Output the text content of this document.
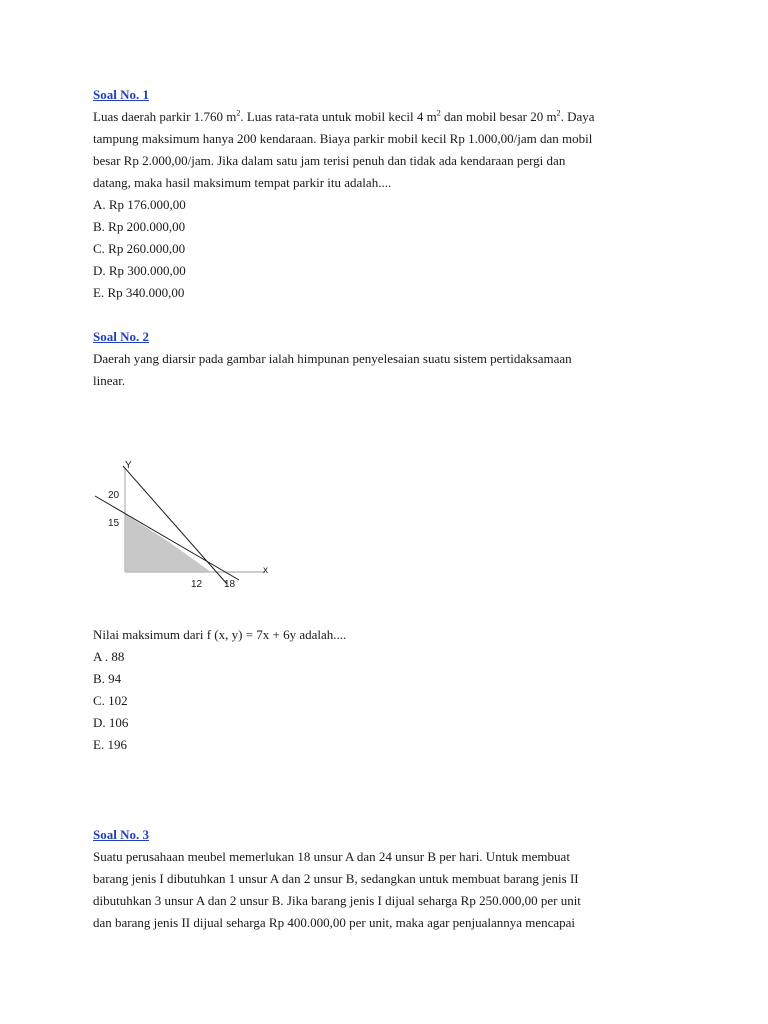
Soal No. 1

Luas daerah parkir 1.760 $m^2$. Luas rata-rata untuk mobil kecil 4 $m^2$ dan mobil besar 20 $m^2$. Daya

tampung maksimum hanya 200 kendaraan. Biaya parkir mobil kecil Rp 1.000,00/jam dan mobil

besar Rp 2.000,00/jam. Jika dalam satu jam terisi penuh dan tidak ada kendaraan pergi dan

datang, maka hasil maksimum tempat parkir itu adalah....

A. Rp 176.000,00

B. Rp 200.000,00

C. Rp 260.000,00

D. Rp 300.000,00

E. Rp 340.000,00

Soal No. 2

Daerah yang diarsir pada gambar ialah himpunan penyelesaian suatu sistem pertidaksamaan

linear.

Y
x
20
15
12 18

Nilai maksimum dari f (x, y) = 7x + 6y adalah....

A . 88

B. 94

C. 102

D. 106

E. 196

Soal No. 3

Suatu perusahaan meubel memerlukan 18 unsur A dan 24 unsur B per hari. Untuk membuat

barang jenis I dibutuhkan 1 unsur A dan 2 unsur B, sedangkan untuk membuat barang jenis II

dibutuhkan 3 unsur A dan 2 unsur B. Jika barang jenis I dijual seharga Rp 250.000,00 per unit

dan barang jenis II dijual seharga Rp 400.000,00 per unit, maka agar penjualannya mencapai
